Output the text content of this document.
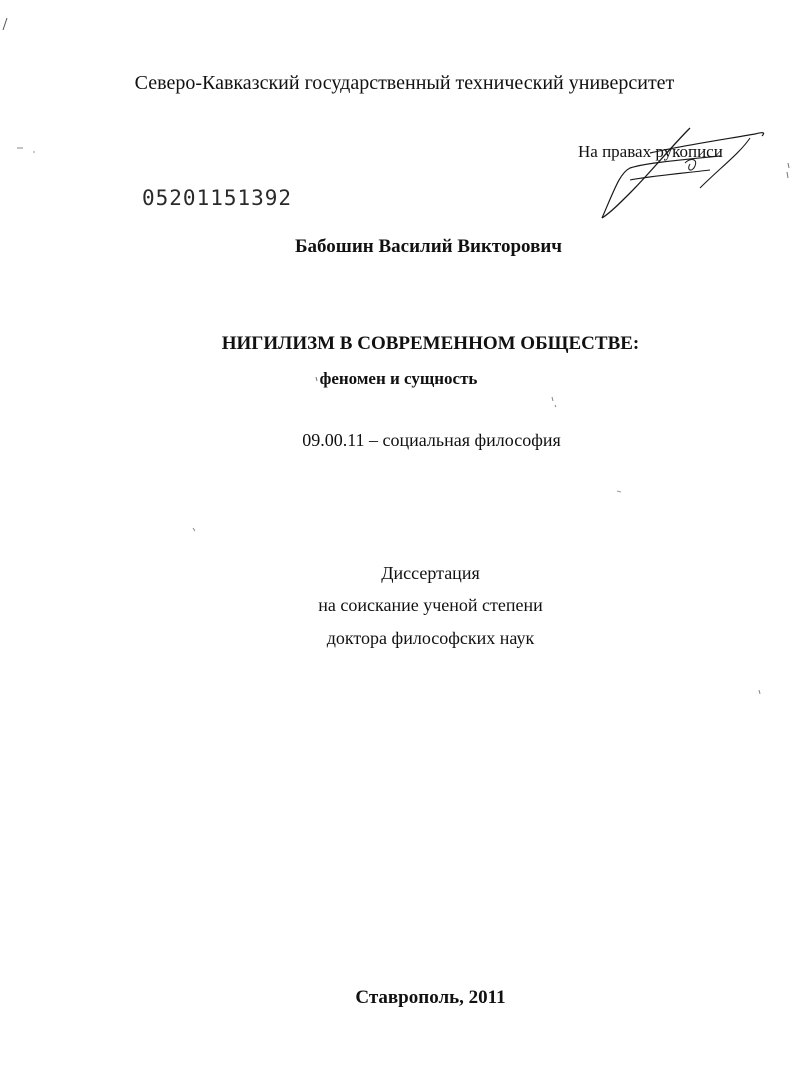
Северо-Кавказский государственный технический университет
На правах рукописи
05201151392
Бабошин Василий Викторович
НИГИЛИЗМ В СОВРЕМЕННОМ ОБЩЕСТВЕ:
феномен и сущность
09.00.11 – социальная философия
Диссертация
на соискание ученой степени
доктора философских наук
Ставрополь, 2011
